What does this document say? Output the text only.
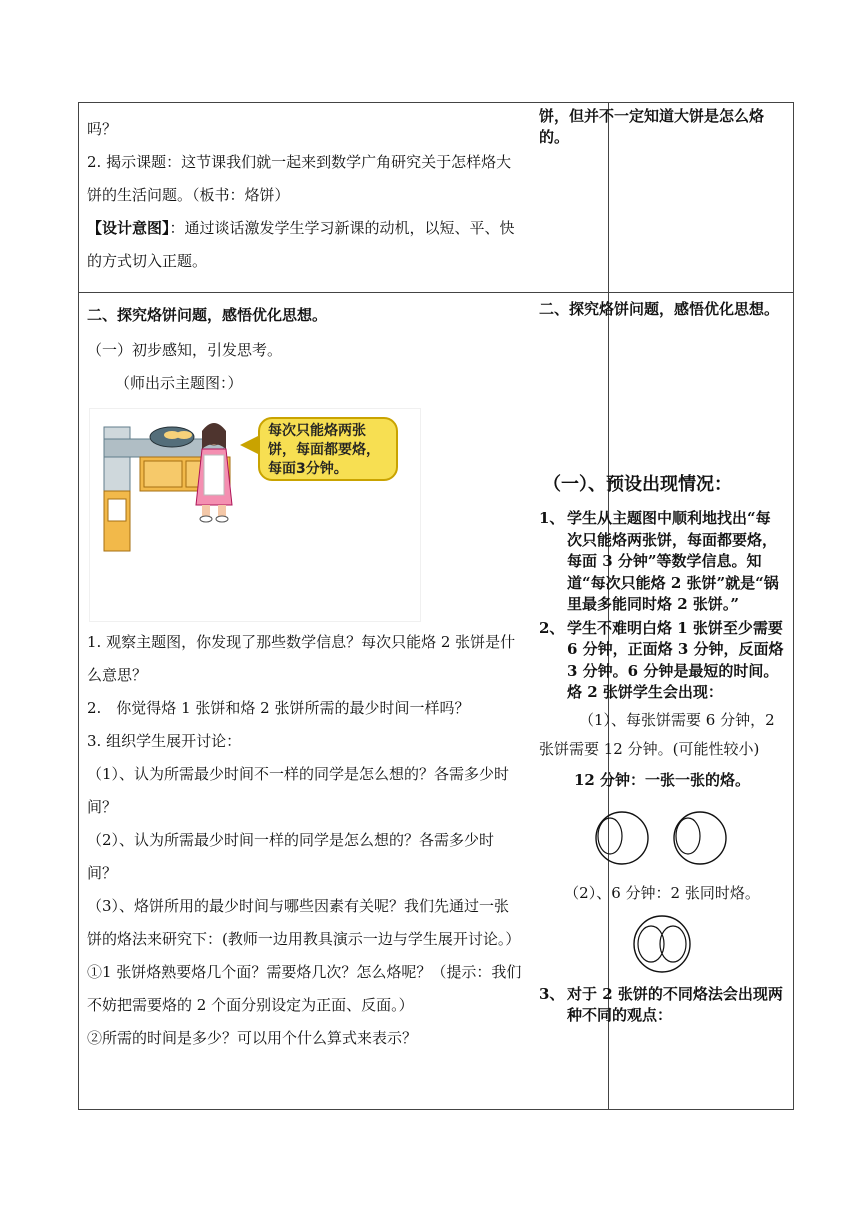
吗？
2. 揭示课题：这节课我们就一起来到数学广角研究关于怎样烙大饼的生活问题。（板书：烙饼）
【设计意图】：通过谈话激发学生学习新课的动机，以短、平、快的方式切入正题。
饼，但并不一定知道大饼是怎么烙的。

二、探究烙饼问题，感悟优化思想。

（一）初步感知，引发思考。

（师出示主题图：）

每次只能烙两张
饼，每面都要烙，
每面3分钟。

1. 观察主题图，你发现了那些数学信息？每次只能烙 2 张饼是什么意思？

2.　你觉得烙 1 张饼和烙 2 张饼所需的最少时间一样吗？

3. 组织学生展开讨论：

（1）、认为所需最少时间不一样的同学是怎么想的？各需多少时间？

（2）、认为所需最少时间一样的同学是怎么想的？各需多少时间？

（3）、烙饼所用的最少时间与哪些因素有关呢？我们先通过一张饼的烙法来研究下：(教师一边用教具演示一边与学生展开讨论。）

①1 张饼烙熟要烙几个面？需要烙几次？怎么烙呢？（提示：我们不妨把需要烙的 2 个面分别设定为正面、反面。）

②所需的时间是多少？可以用个什么算式来表示？

二、探究烙饼问题，感悟优化思想。
（一）、预设出现情况：
1、 学生从主题图中顺利地找出“每次只能烙两张饼，每面都要烙，每面 3 分钟”等数学信息。知道“每次只能烙 2 张饼”就是“锅里最多能同时烙 2 张饼。”
2、 学生不难明白烙 1 张饼至少需要 6 分钟，正面烙 3 分钟，反面烙 3 分钟。6 分钟是最短的时间。
烙 2 张饼学生会出现：
（1）、每张饼需要 6 分钟，2 张饼需要 12 分钟。(可能性较小)
12 分钟：一张一张的烙。
（2）、6 分钟：2 张同时烙。
3、 对于 2 张饼的不同烙法会出现两种不同的观点：
